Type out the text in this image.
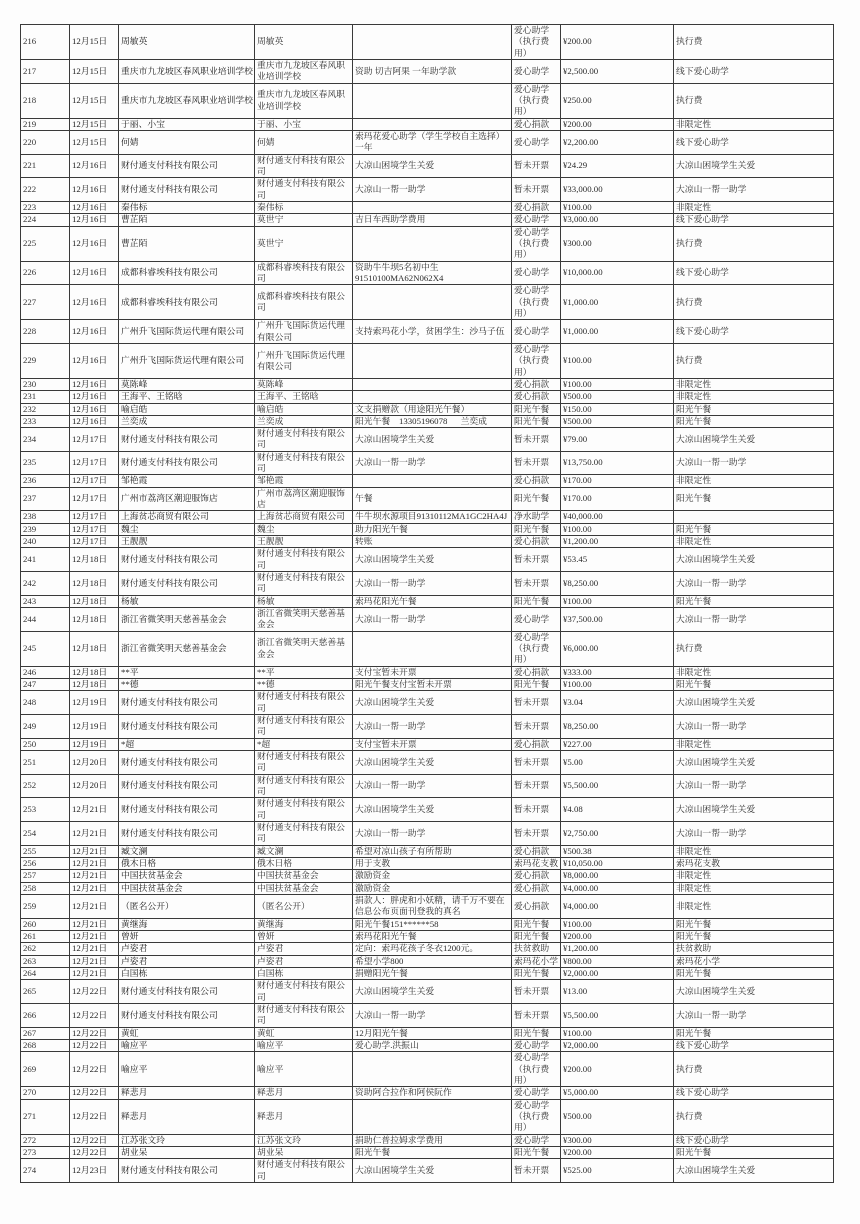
216	12月15日	周敏英	周敏英		爱心助学（执行费用）	¥200.00	执行费
217	12月15日	重庆市九龙坡区春风职业培训学校	重庆市九龙坡区春风职业培训学校	资助 切吉阿果 一年助学款	爱心助学	¥2,500.00	线下爱心助学
218	12月15日	重庆市九龙坡区春风职业培训学校	重庆市九龙坡区春风职业培训学校		爱心助学（执行费用）	¥250.00	执行费
219	12月15日	于丽、小宝	于丽、小宝		爱心捐款	¥200.00	非限定性
220	12月15日	何婧	何婧	索玛花爱心助学（学生学校自主选择）一年	爱心助学	¥2,200.00	线下爱心助学
221	12月16日	财付通支付科技有限公司	财付通支付科技有限公司	大凉山困境学生关爱	暂未开票	¥24.29	大凉山困境学生关爱
222	12月16日	财付通支付科技有限公司	财付通支付科技有限公司	大凉山一帮一助学	暂未开票	¥33,000.00	大凉山一帮一助学
223	12月16日	秦伟标	秦伟标		爱心捐款	¥100.00	非限定性
224	12月16日	曹芷陌	莫世宁	吉日车西助学费用	爱心助学	¥3,000.00	线下爱心助学
225	12月16日	曹芷陌	莫世宁		爱心助学（执行费用）	¥300.00	执行费
226	12月16日	成都科睿埃科技有限公司	成都科睿埃科技有限公司	资助牛牛坝5名初中生91510100MA62N062X4	爱心助学	¥10,000.00	线下爱心助学
227	12月16日	成都科睿埃科技有限公司	成都科睿埃科技有限公司		爱心助学（执行费用）	¥1,000.00	执行费
228	12月16日	广州升飞国际货运代理有限公司	广州升飞国际货运代理有限公司	支持索玛花小学，贫困学生：沙马子伍	爱心助学	¥1,000.00	线下爱心助学
229	12月16日	广州升飞国际货运代理有限公司	广州升飞国际货运代理有限公司		爱心助学（执行费用）	¥100.00	执行费
230	12月16日	莫陈峰	莫陈峰		爱心捐款	¥100.00	非限定性
231	12月16日	王海平、王铭晗	王海平、王铭晗		爱心捐款	¥500.00	非限定性
232	12月16日	喻启皓	喻启皓	文支捐赠款（用途阳光午餐）	阳光午餐	¥150.00	阳光午餐
233	12月16日	兰奕成	兰奕成	阳光午餐    13305196078      兰奕成	阳光午餐	¥500.00	阳光午餐
234	12月17日	财付通支付科技有限公司	财付通支付科技有限公司	大凉山困境学生关爱	暂未开票	¥79.00	大凉山困境学生关爱
235	12月17日	财付通支付科技有限公司	财付通支付科技有限公司	大凉山一帮一助学	暂未开票	¥13,750.00	大凉山一帮一助学
236	12月17日	邹艳霞	邹艳霞		爱心捐款	¥170.00	非限定性
237	12月17日	广州市荔湾区潮迎服饰店	广州市荔湾区潮迎服饰店	午餐	阳光午餐	¥170.00	阳光午餐
238	12月17日	上海贫芯商贸有限公司	上海贫芯商贸有限公司	牛牛坝水源项目91310112MA1GC2HA4J	净水助学	¥40,000.00	
239	12月17日	魏尘	魏尘	助力阳光午餐	阳光午餐	¥100.00	阳光午餐
240	12月17日	王靓靓	王靓靓	转账	爱心捐款	¥1,200.00	非限定性
241	12月18日	财付通支付科技有限公司	财付通支付科技有限公司	大凉山困境学生关爱	暂未开票	¥53.45	大凉山困境学生关爱
242	12月18日	财付通支付科技有限公司	财付通支付科技有限公司	大凉山一帮一助学	暂未开票	¥8,250.00	大凉山一帮一助学
243	12月18日	杨敏	杨敏	索玛花阳光午餐	阳光午餐	¥100.00	阳光午餐
244	12月18日	浙江省微笑明天慈善基金会	浙江省微笑明天慈善基金会	大凉山一帮一助学	爱心助学	¥37,500.00	大凉山一帮一助学
245	12月18日	浙江省微笑明天慈善基金会	浙江省微笑明天慈善基金会		爱心助学（执行费用）	¥6,000.00	执行费
246	12月18日	**平	**平	支付宝暂未开票	爱心捐款	¥333.00	非限定性
247	12月18日	**德	**德	阳光午餐支付宝暂未开票	阳光午餐	¥100.00	阳光午餐
248	12月19日	财付通支付科技有限公司	财付通支付科技有限公司	大凉山困境学生关爱	暂未开票	¥3.04	大凉山困境学生关爱
249	12月19日	财付通支付科技有限公司	财付通支付科技有限公司	大凉山一帮一助学	暂未开票	¥8,250.00	大凉山一帮一助学
250	12月19日	*超	*超	支付宝暂未开票	爱心捐款	¥227.00	非限定性
251	12月20日	财付通支付科技有限公司	财付通支付科技有限公司	大凉山困境学生关爱	暂未开票	¥5.00	大凉山困境学生关爱
252	12月20日	财付通支付科技有限公司	财付通支付科技有限公司	大凉山一帮一助学	暂未开票	¥5,500.00	大凉山一帮一助学
253	12月21日	财付通支付科技有限公司	财付通支付科技有限公司	大凉山困境学生关爱	暂未开票	¥4.08	大凉山困境学生关爱
254	12月21日	财付通支付科技有限公司	财付通支付科技有限公司	大凉山一帮一助学	暂未开票	¥2,750.00	大凉山一帮一助学
255	12月21日	臧文澜	臧文澜	希望对凉山孩子有所帮助	爱心捐款	¥500.38	非限定性
256	12月21日	俄木日格	俄木日格	用于支教	索玛花支教	¥10,050.00	索玛花支教
257	12月21日	中国扶贫基金会	中国扶贫基金会	激励资金	爱心捐款	¥8,000.00	非限定性
258	12月21日	中国扶贫基金会	中国扶贫基金会	激励资金	爱心捐款	¥4,000.00	非限定性
259	12月21日	（匿名公开）	（匿名公开）	捐款人：胖虎和小妖精，请千万不要在信息公布页面刊登我的真名	爱心捐款	¥4,000.00	非限定性
260	12月21日	黄继海	黄继海	阳光午餐151******58	阳光午餐	¥100.00	阳光午餐
261	12月21日	曾妍	曾妍	索玛花阳光午餐	阳光午餐	¥200.00	阳光午餐
262	12月21日	卢姿君	卢姿君	定向：索玛花孩子冬衣1200元。	扶贫救助	¥1,200.00	扶贫救助
263	12月21日	卢姿君	卢姿君	希望小学800	索玛花小学	¥800.00	索玛花小学
264	12月21日	白国栋	白国栋	捐赠阳光午餐	阳光午餐	¥2,000.00	阳光午餐
265	12月22日	财付通支付科技有限公司	财付通支付科技有限公司	大凉山困境学生关爱	暂未开票	¥13.00	大凉山困境学生关爱
266	12月22日	财付通支付科技有限公司	财付通支付科技有限公司	大凉山一帮一助学	暂未开票	¥5,500.00	大凉山一帮一助学
267	12月22日	黄虹	黄虹	12月阳光午餐	阳光午餐	¥100.00	阳光午餐
268	12月22日	喻应平	喻应平	爱心助学.洪振山	爱心助学	¥2,000.00	线下爱心助学
269	12月22日	喻应平	喻应平		爱心助学（执行费用）	¥200.00	执行费
270	12月22日	释悲月	释悲月	资助阿合拉作和阿侯阮作	爱心助学	¥5,000.00	线下爱心助学
271	12月22日	释悲月	释悲月		爱心助学（执行费用）	¥500.00	执行费
272	12月22日	江苏张文玲	江苏张文玲	捐助仁普拉姆求学费用	爱心助学	¥300.00	线下爱心助学
273	12月22日	胡业呆	胡业呆	阳光午餐	阳光午餐	¥200.00	阳光午餐
274	12月23日	财付通支付科技有限公司	财付通支付科技有限公司	大凉山困境学生关爱	暂未开票	¥525.00	大凉山困境学生关爱
